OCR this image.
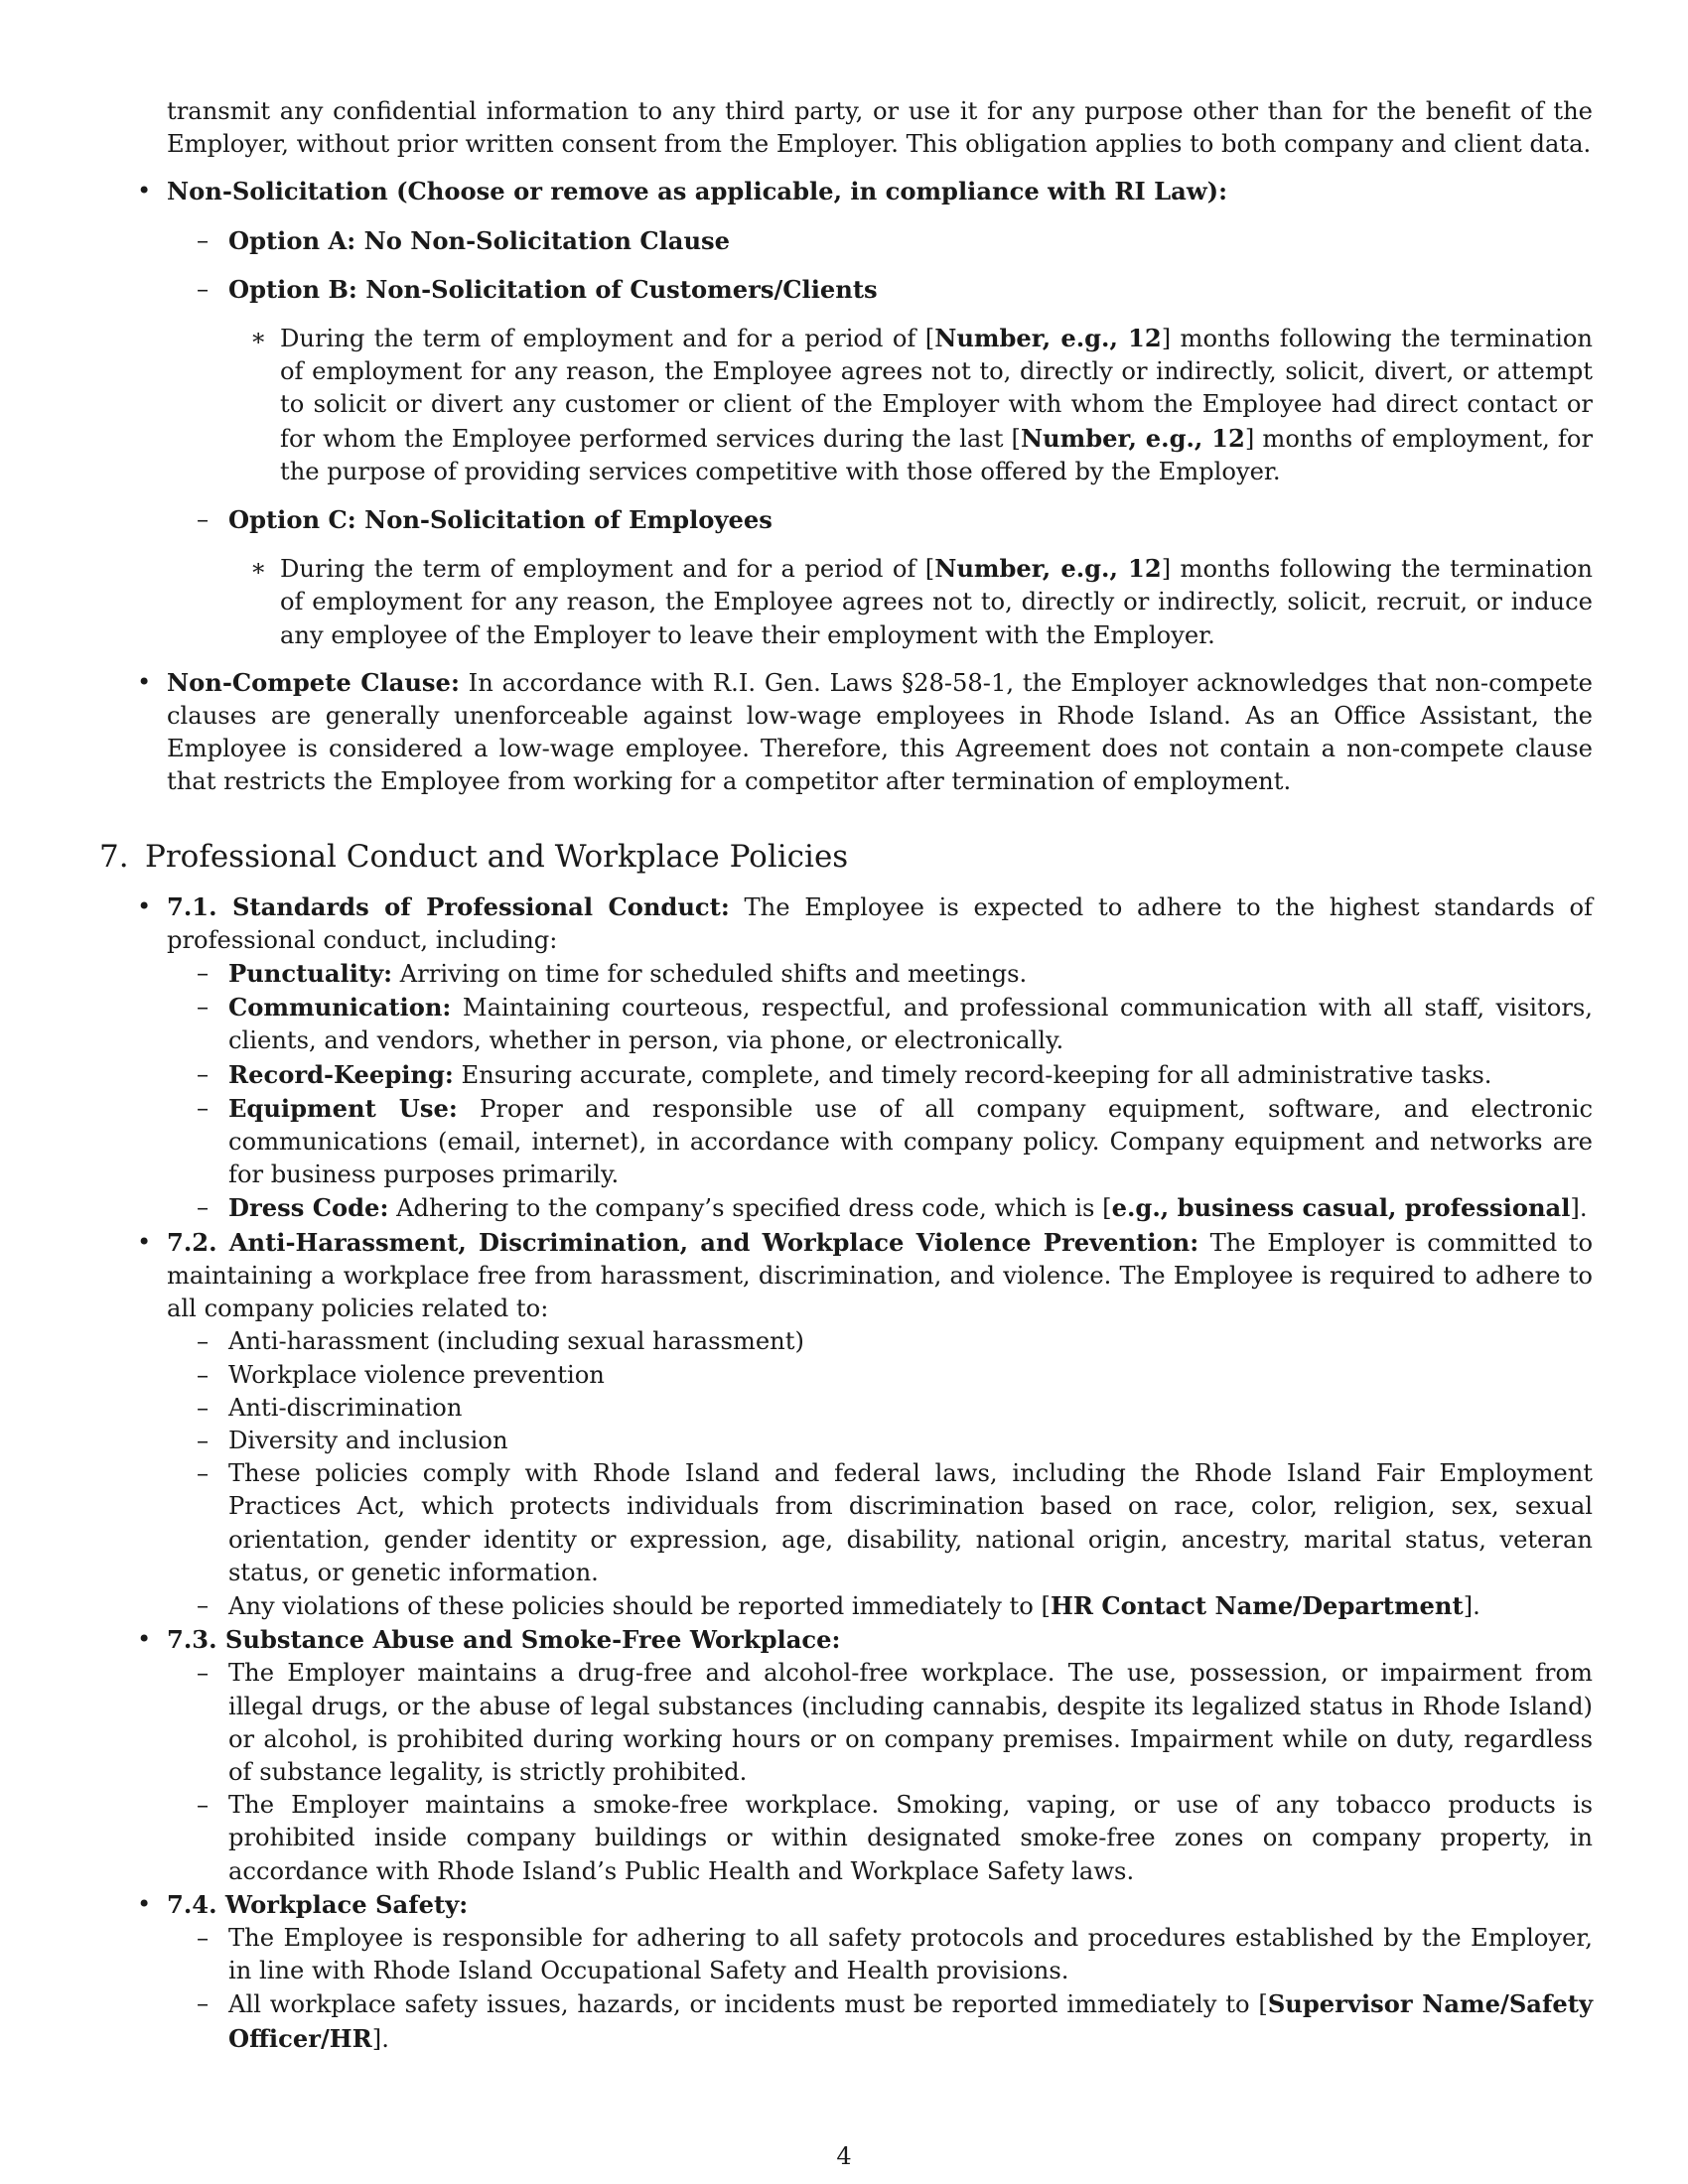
transmit any confidential information to any third party, or use it for any purpose other than for the benefit of the Employer, without prior written consent from the Employer. This obligation applies to both company and client data.

• Non-Solicitation (Choose or remove as applicable, in compliance with RI Law):
– Option A: No Non-Solicitation Clause
– Option B: Non-Solicitation of Customers/Clients
∗ During the term of employment and for a period of [Number, e.g., 12] months following the termination of employment for any reason, the Employee agrees not to, directly or indirectly, solicit, divert, or attempt to solicit or divert any customer or client of the Employer with whom the Employee had direct contact or for whom the Employee performed services during the last [Number, e.g., 12] months of employment, for the purpose of providing services competitive with those offered by the Employer.
– Option C: Non-Solicitation of Employees
∗ During the term of employment and for a period of [Number, e.g., 12] months following the termination of employment for any reason, the Employee agrees not to, directly or indirectly, solicit, recruit, or induce any employee of the Employer to leave their employment with the Employer.
• Non-Compete Clause: In accordance with R.I. Gen. Laws §28-58-1, the Employer acknowledges that non-compete clauses are generally unenforceable against low-wage employees in Rhode Island. As an Office Assistant, the Employee is considered a low-wage employee. Therefore, this Agreement does not contain a non-compete clause that restricts the Employee from working for a competitor after termination of employment.
7. Professional Conduct and Workplace Policies
• 7.1. Standards of Professional Conduct: The Employee is expected to adhere to the highest standards of professional conduct, including:
– Punctuality: Arriving on time for scheduled shifts and meetings.
– Communication: Maintaining courteous, respectful, and professional communication with all staff, visitors, clients, and vendors, whether in person, via phone, or electronically.
– Record-Keeping: Ensuring accurate, complete, and timely record-keeping for all administrative tasks.
– Equipment Use: Proper and responsible use of all company equipment, software, and electronic communications (email, internet), in accordance with company policy. Company equipment and networks are for business purposes primarily.
– Dress Code: Adhering to the company’s specified dress code, which is [e.g., business casual, professional].
• 7.2. Anti-Harassment, Discrimination, and Workplace Violence Prevention: The Employer is committed to maintaining a workplace free from harassment, discrimination, and violence. The Employee is required to adhere to all company policies related to:
– Anti-harassment (including sexual harassment)
– Workplace violence prevention
– Anti-discrimination
– Diversity and inclusion
– These policies comply with Rhode Island and federal laws, including the Rhode Island Fair Employment Practices Act, which protects individuals from discrimination based on race, color, religion, sex, sexual orientation, gender identity or expression, age, disability, national origin, ancestry, marital status, veteran status, or genetic information.
– Any violations of these policies should be reported immediately to [HR Contact Name/Department].
• 7.3. Substance Abuse and Smoke-Free Workplace:
– The Employer maintains a drug-free and alcohol-free workplace. The use, possession, or impairment from illegal drugs, or the abuse of legal substances (including cannabis, despite its legalized status in Rhode Island) or alcohol, is prohibited during working hours or on company premises. Impairment while on duty, regardless of substance legality, is strictly prohibited.
– The Employer maintains a smoke-free workplace. Smoking, vaping, or use of any tobacco products is prohibited inside company buildings or within designated smoke-free zones on company property, in accordance with Rhode Island’s Public Health and Workplace Safety laws.
• 7.4. Workplace Safety:
– The Employee is responsible for adhering to all safety protocols and procedures established by the Employer, in line with Rhode Island Occupational Safety and Health provisions.
– All workplace safety issues, hazards, or incidents must be reported immediately to [Supervisor Name/Safety Officer/HR].
4
